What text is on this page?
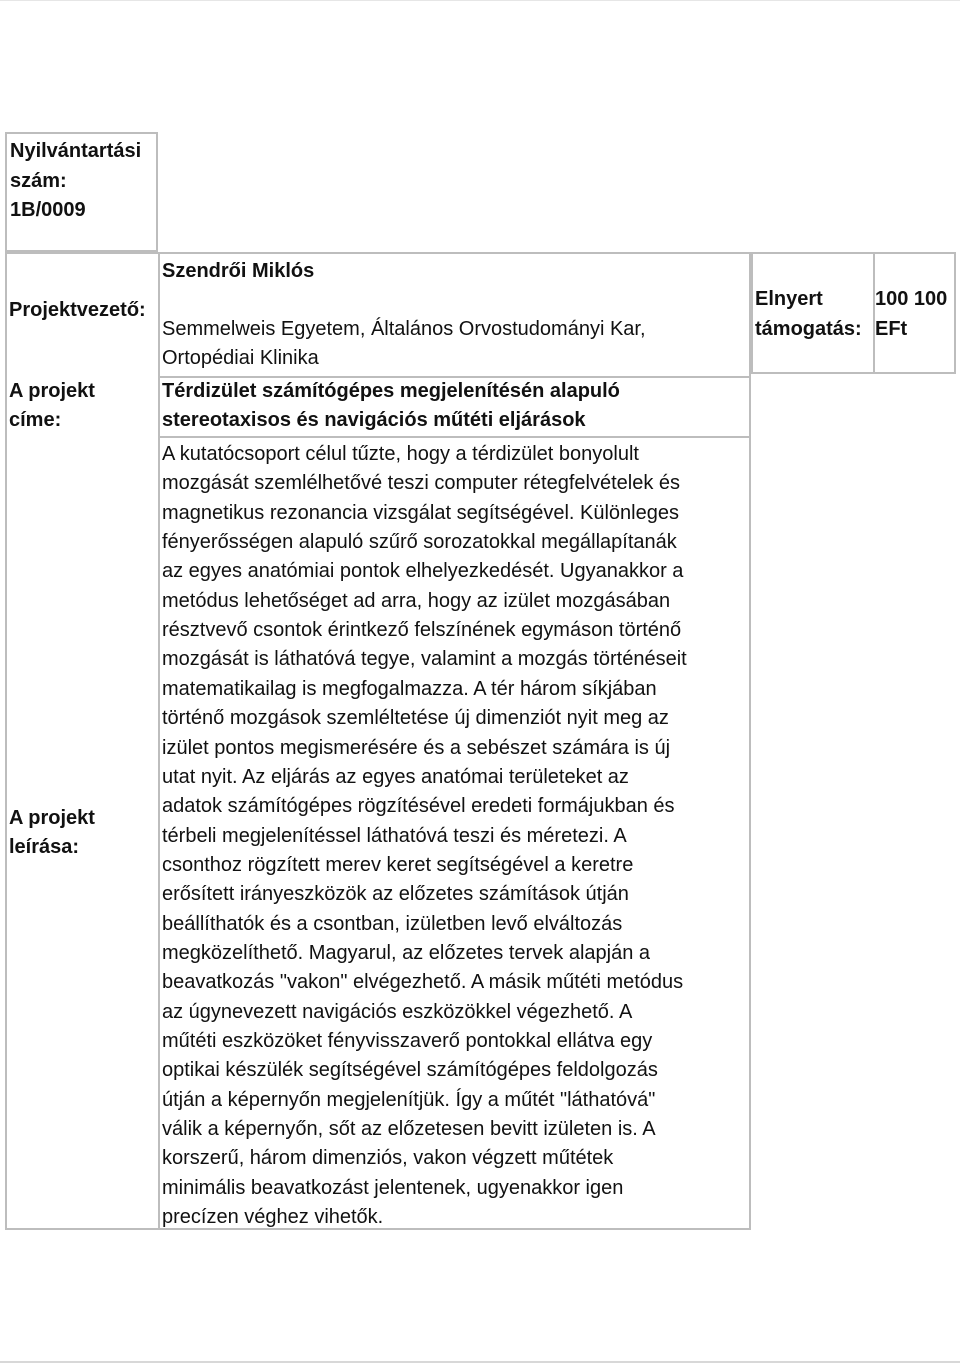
Nyilvántartási szám:
1B/0009
Projektvezető:
Szendrői Miklós
Semmelweis Egyetem, Általános Orvostudományi Kar,
Ortopédiai Klinika
A projekt
címe:
Térdizület számítógépes megjelenítésén alapuló
stereotaxisos és navigációs műtéti eljárások
A projekt
leírása:
A kutatócsoport célul tűzte, hogy a térdizület bonyolult
mozgását szemlélhetővé teszi computer rétegfelvételek és
magnetikus rezonancia vizsgálat segítségével. Különleges
fényerősségen alapuló szűrő sorozatokkal megállapítanák
az egyes anatómiai pontok elhelyezkedését. Ugyanakkor a
metódus lehetőséget ad arra, hogy az izület mozgásában
résztvevő csontok érintkező felszínének egymáson történő
mozgását is láthatóvá tegye, valamint a mozgás történéseit
matematikailag is megfogalmazza. A tér három síkjában
történő mozgások szemléltetése új dimenziót nyit meg az
izület pontos megismerésére és a sebészet számára is új
utat nyit. Az eljárás az egyes anatómai területeket az
adatok számítógépes rögzítésével eredeti formájukban és
térbeli megjelenítéssel láthatóvá teszi és méretezi. A
csonthoz rögzített merev keret segítségével a keretre
erősített irányeszközök az előzetes számítások útján
beállíthatók és a csontban, izületben levő elváltozás
megközelíthető. Magyarul, az előzetes tervek alapján a
beavatkozás "vakon" elvégezhető. A másik műtéti metódus
az úgynevezett navigációs eszközökkel végezhető. A
műtéti eszközöket fényvisszaverő pontokkal ellátva egy
optikai készülék segítségével számítógépes feldolgozás
útján a képernyőn megjelenítjük. Így a műtét "láthatóvá"
válik a képernyőn, sőt az előzetesen bevitt izületen is. A
korszerű, három dimenziós, vakon végzett műtétek
minimális beavatkozást jelentenek, ugyenakkor igen
precízen véghez vihetők.
Elnyert
támogatás:
100 100
EFt
